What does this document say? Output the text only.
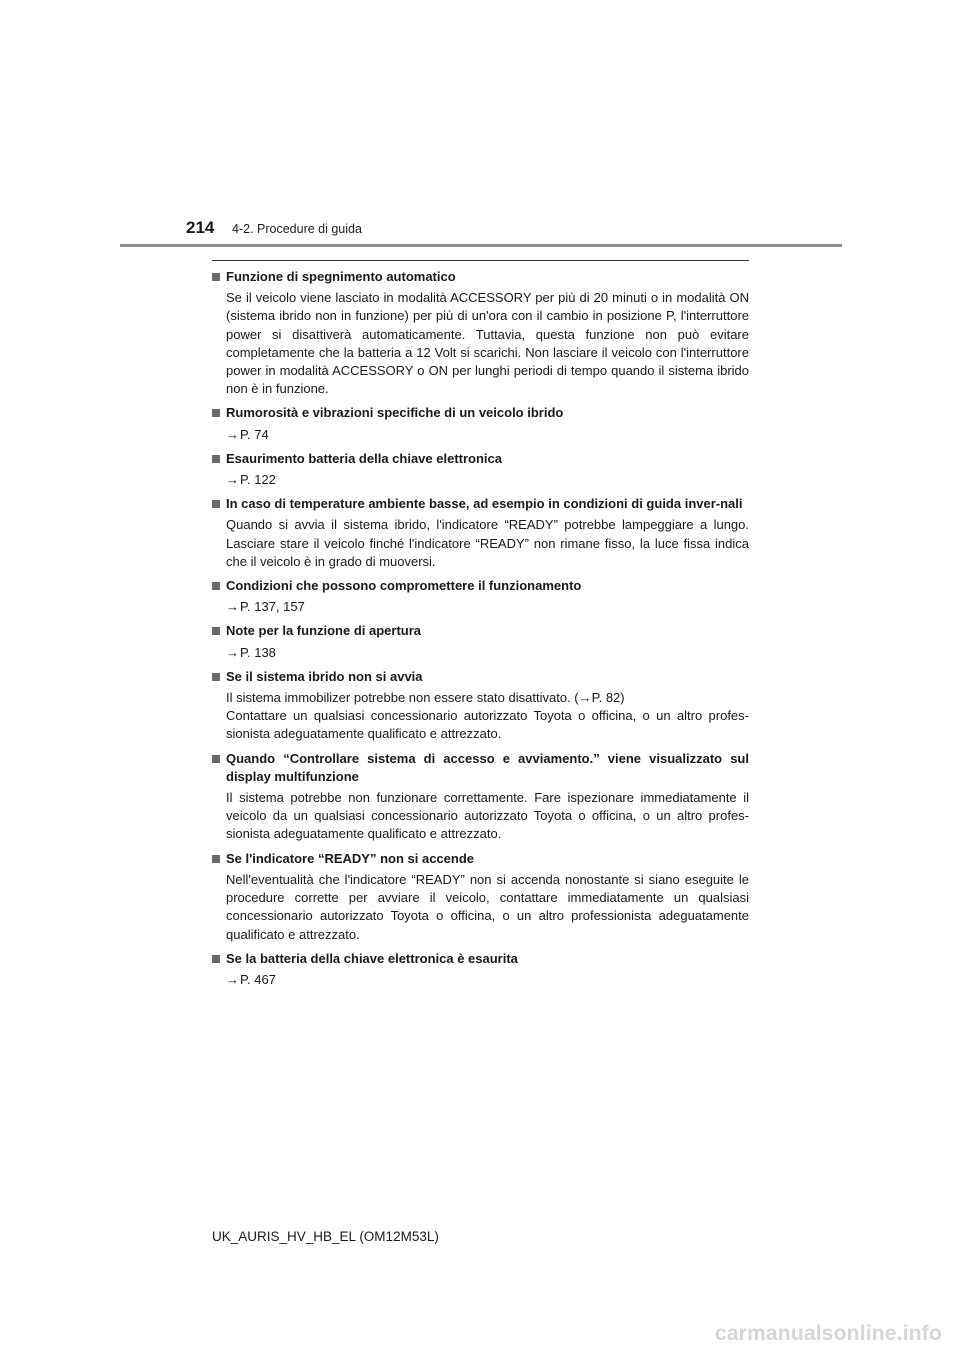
214 4-2. Procedure di guida
Funzione di spegnimento automatico

Se il veicolo viene lasciato in modalità ACCESSORY per più di 20 minuti o in modalità ON (sistema ibrido non in funzione) per più di un'ora con il cambio in posizione P, l'interruttore power si disattiverà automaticamente. Tuttavia, questa funzione non può evitare completamente che la batteria a 12 Volt si scarichi. Non lasciare il veicolo con l'interruttore power in modalità ACCESSORY o ON per lunghi periodi di tempo quando il sistema ibrido non è in funzione.

Rumorosità e vibrazioni specifiche di un veicolo ibrido
→P. 74
Esaurimento batteria della chiave elettronica
→P. 122
In caso di temperature ambiente basse, ad esempio in condizioni di guida inver-nali

Quando si avvia il sistema ibrido, l'indicatore “READY” potrebbe lampeggiare a lungo. Lasciare stare il veicolo finché l'indicatore “READY” non rimane fisso, la luce fissa indica che il veicolo è in grado di muoversi.

Condizioni che possono compromettere il funzionamento
→P. 137, 157
Note per la funzione di apertura
→P. 138
Se il sistema ibrido non si avvia

Il sistema immobilizer potrebbe non essere stato disattivato. (→P. 82)

Contattare un qualsiasi concessionario autorizzato Toyota o officina, o un altro profes-sionista adeguatamente qualificato e attrezzato.

Quando “Controllare sistema di accesso e avviamento.” viene visualizzato sul display multifunzione

Il sistema potrebbe non funzionare correttamente. Fare ispezionare immediatamente il veicolo da un qualsiasi concessionario autorizzato Toyota o officina, o un altro profes-sionista adeguatamente qualificato e attrezzato.

Se l'indicatore “READY” non si accende

Nell'eventualità che l'indicatore “READY” non si accenda nonostante si siano eseguite le procedure corrette per avviare il veicolo, contattare immediatamente un qualsiasi concessionario autorizzato Toyota o officina, o un altro professionista adeguatamente qualificato e attrezzato.

Se la batteria della chiave elettronica è esaurita
→P. 467
UK_AURIS_HV_HB_EL (OM12M53L)
carmanualsonline.info
